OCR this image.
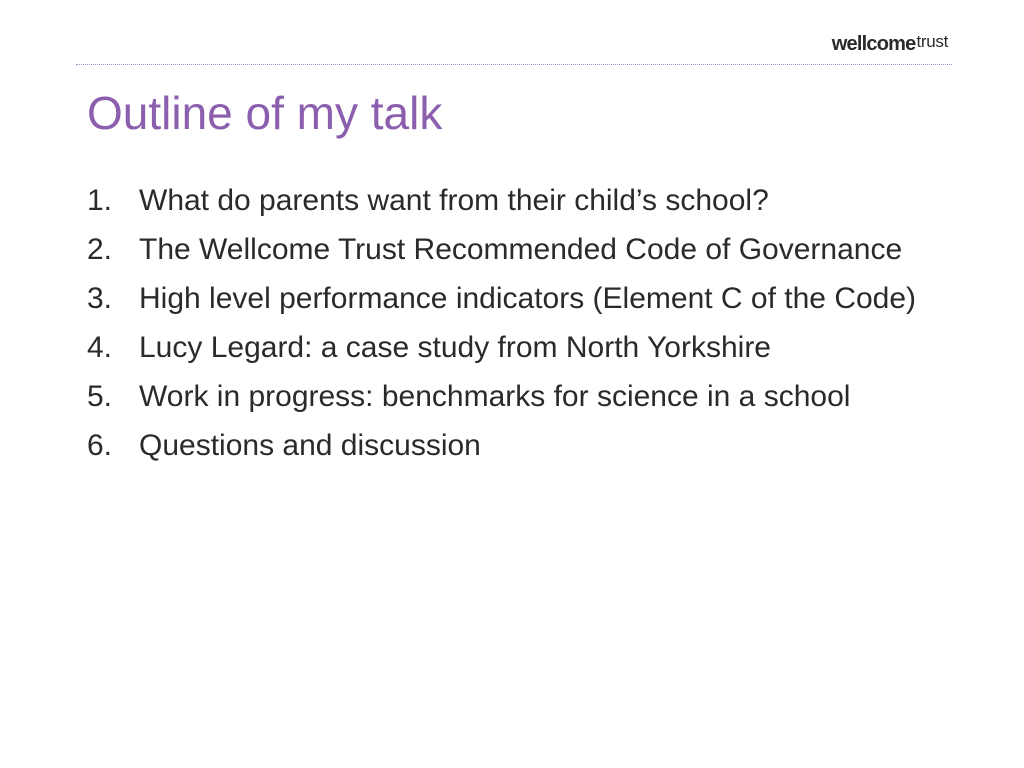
wellcometrust
Outline of my talk
1. What do parents want from their child’s school?
2. The Wellcome Trust Recommended Code of Governance
3. High level performance indicators (Element C of the Code)
4. Lucy Legard: a case study from North Yorkshire
5. Work in progress: benchmarks for science in a school
6. Questions and discussion
